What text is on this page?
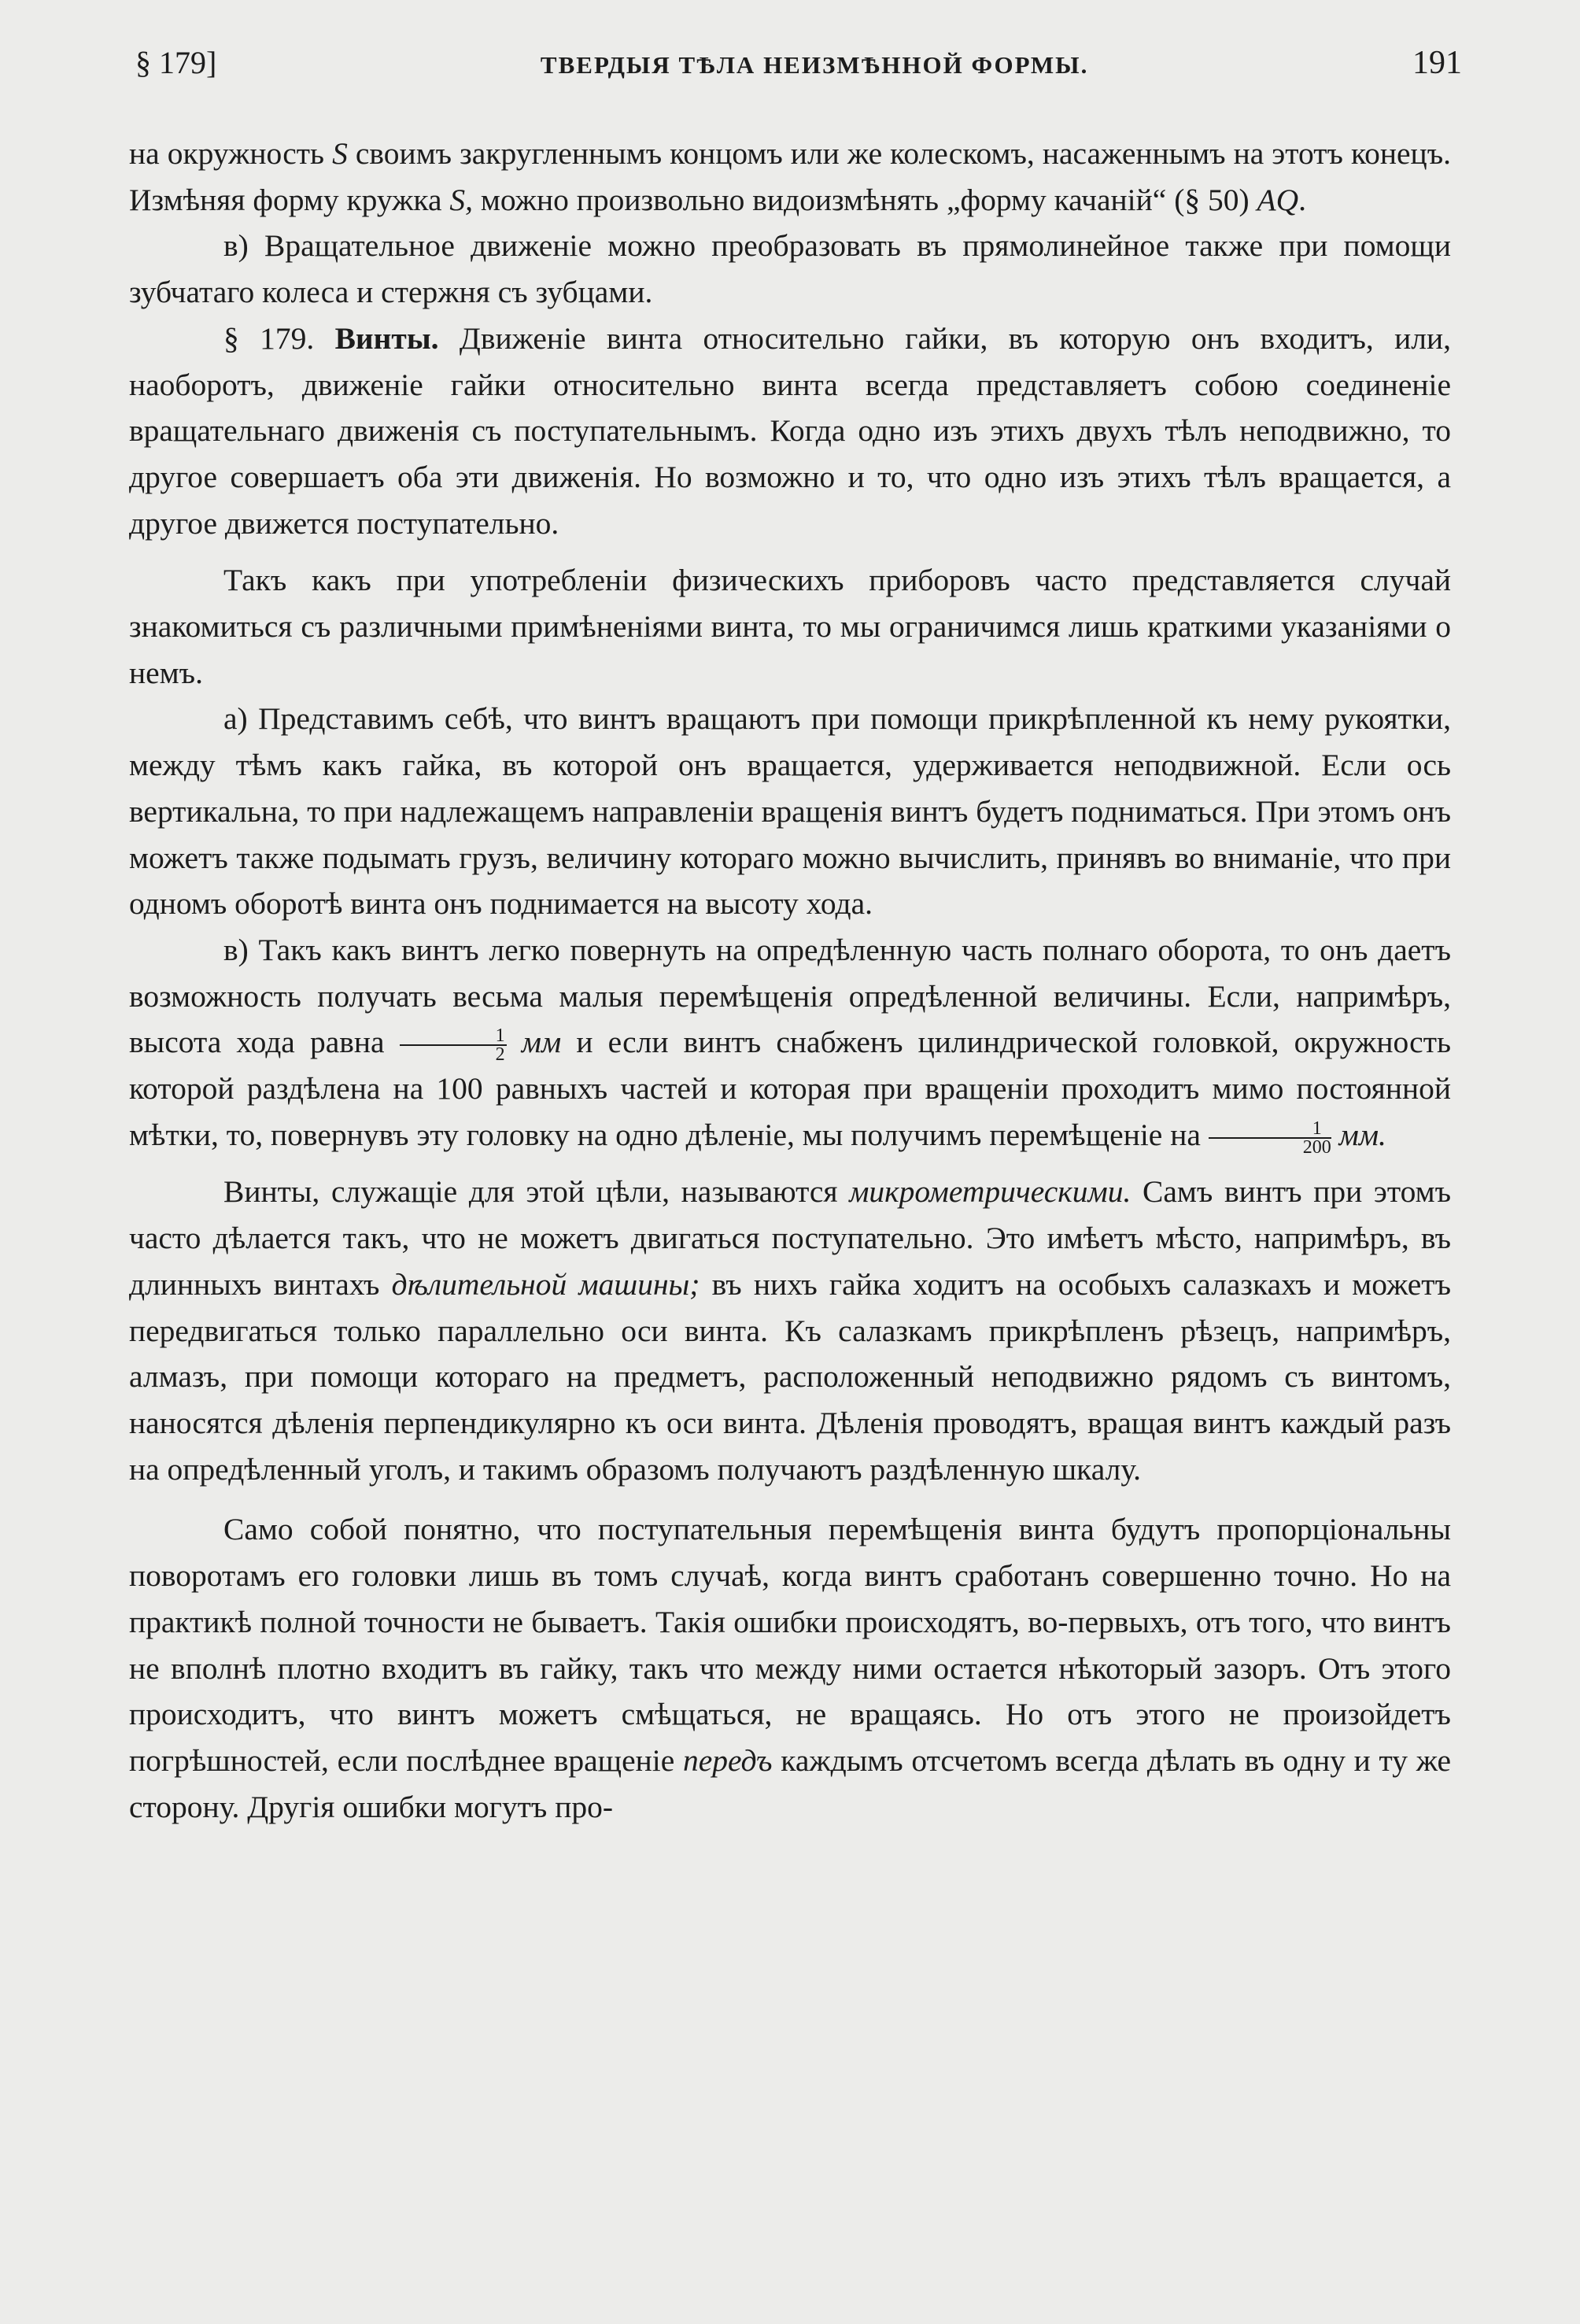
§ 179]	ТВЕРДЫЯ ТѢЛА НЕИЗМѢННОЙ ФОРМЫ.	191

на окружность S своимъ закругленнымъ концомъ или же колескомъ, насаженнымъ на этотъ конецъ. Измѣняя форму кружка S, можно произвольно видоизмѣнять „форму качаній“ (§ 50) AQ.

в) Вращательное движеніе можно преобразовать въ прямолинейное также при помощи зубчатаго колеса и стержня съ зубцами.

§ 179. Винты. Движеніе винта относительно гайки, въ которую онъ входитъ, или, наоборотъ, движеніе гайки относительно винта всегда представляетъ собою соединеніе вращательнаго движенія съ поступательнымъ. Когда одно изъ этихъ двухъ тѣлъ неподвижно, то другое совершаетъ оба эти движенія. Но возможно и то, что одно изъ этихъ тѣлъ вращается, а другое движется поступательно.

Такъ какъ при употребленіи физическихъ приборовъ часто представляется случай знакомиться съ различными примѣненіями винта, то мы ограничимся лишь краткими указаніями о немъ.

а) Представимъ себѣ, что винтъ вращаютъ при помощи прикрѣпленной къ нему рукоятки, между тѣмъ какъ гайка, въ которой онъ вращается, удерживается неподвижной. Если ось вертикальна, то при надлежащемъ направленіи вращенія винтъ будетъ подниматься. При этомъ онъ можетъ также подымать грузъ, величину котораго можно вычислить, принявъ во вниманіе, что при одномъ оборотѣ винта онъ поднимается на высоту хода.

в) Такъ какъ винтъ легко повернуть на опредѣленную часть полнаго оборота, то онъ даетъ возможность получать весьма малыя перемѣщенія опредѣленной величины. Если, напримѣръ, высота хода равна $\frac{1}{2}$ мм и если винтъ снабженъ цилиндрической головкой, окружность которой раздѣлена на 100 равныхъ частей и которая при вращеніи проходитъ мимо постоянной мѣтки, то, повернувъ эту головку на одно дѣленіе, мы получимъ перемѣщеніе на $\frac{1}{200}$ мм.

Винты, служащіе для этой цѣли, называются микрометрическими. Самъ винтъ при этомъ часто дѣлается такъ, что не можетъ двигаться поступательно. Это имѣетъ мѣсто, напримѣръ, въ длинныхъ винтахъ дѣлительной машины; въ нихъ гайка ходитъ на особыхъ салазкахъ и можетъ передвигаться только параллельно оси винта. Къ салазкамъ прикрѣпленъ рѣзецъ, напримѣръ, алмазъ, при помощи котораго на предметъ, расположенный неподвижно рядомъ съ винтомъ, наносятся дѣленія перпендикулярно къ оси винта. Дѣленія проводятъ, вращая винтъ каждый разъ на опредѣленный уголъ, и такимъ образомъ получаютъ раздѣленную шкалу.

Само собой понятно, что поступательныя перемѣщенія винта будутъ пропорціональны поворотамъ его головки лишь въ томъ случаѣ, когда винтъ сработанъ совершенно точно. Но на практикѣ полной точности не бываетъ. Такія ошибки происходятъ, во-первыхъ, отъ того, что винтъ не вполнѣ плотно входитъ въ гайку, такъ что между ними остается нѣкоторый зазоръ. Отъ этого происходитъ, что винтъ можетъ смѣщаться, не вращаясь. Но отъ этого не произойдетъ погрѣшностей, если послѣднее вращеніе передъ каждымъ отсчетомъ всегда дѣлать въ одну и ту же сторону. Другія ошибки могутъ про-
